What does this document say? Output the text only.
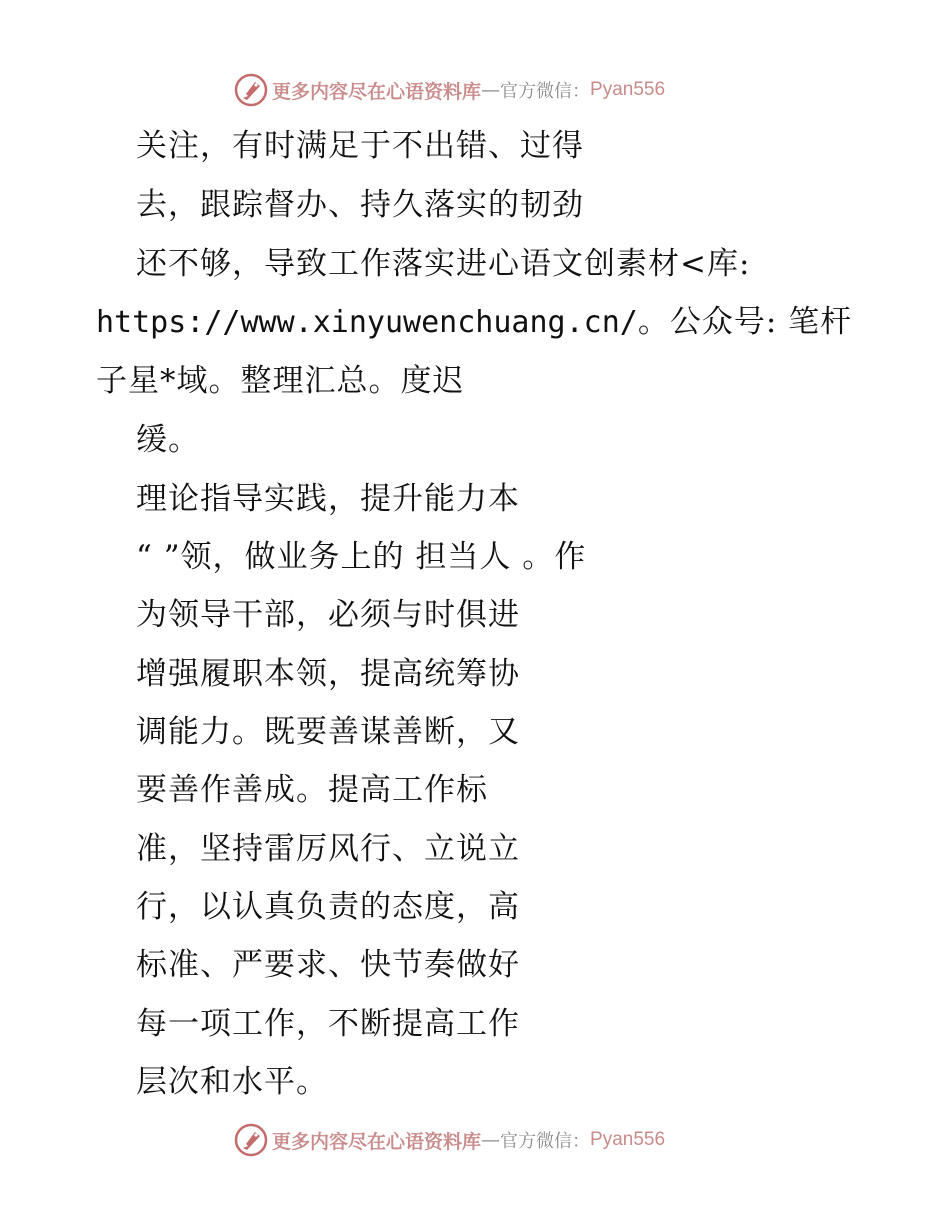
更多内容尽在心语资料库 — 官方微信： Pyan556
关注，有时满足于不出错、过得
去，跟踪督办、持久落实的韧劲
还不够，导致工作落实进心语文创素材<库:
https://www.xinyuwenchuang.cn/。公众号: 笔杆
子星*域。整理汇总。度迟
缓。
理论指导实践，提升能力本
“ ”领，做业务上的 担当人 。作
为领导干部，必须与时俱进
增强履职本领，提高统筹协
调能力。既要善谋善断，又
要善作善成。提高工作标
准，坚持雷厉风行、立说立
行，以认真负责的态度，高
标准、严要求、快节奏做好
每一项工作，不断提高工作
层次和水平。
更多内容尽在心语资料库 — 官方微信： Pyan556
